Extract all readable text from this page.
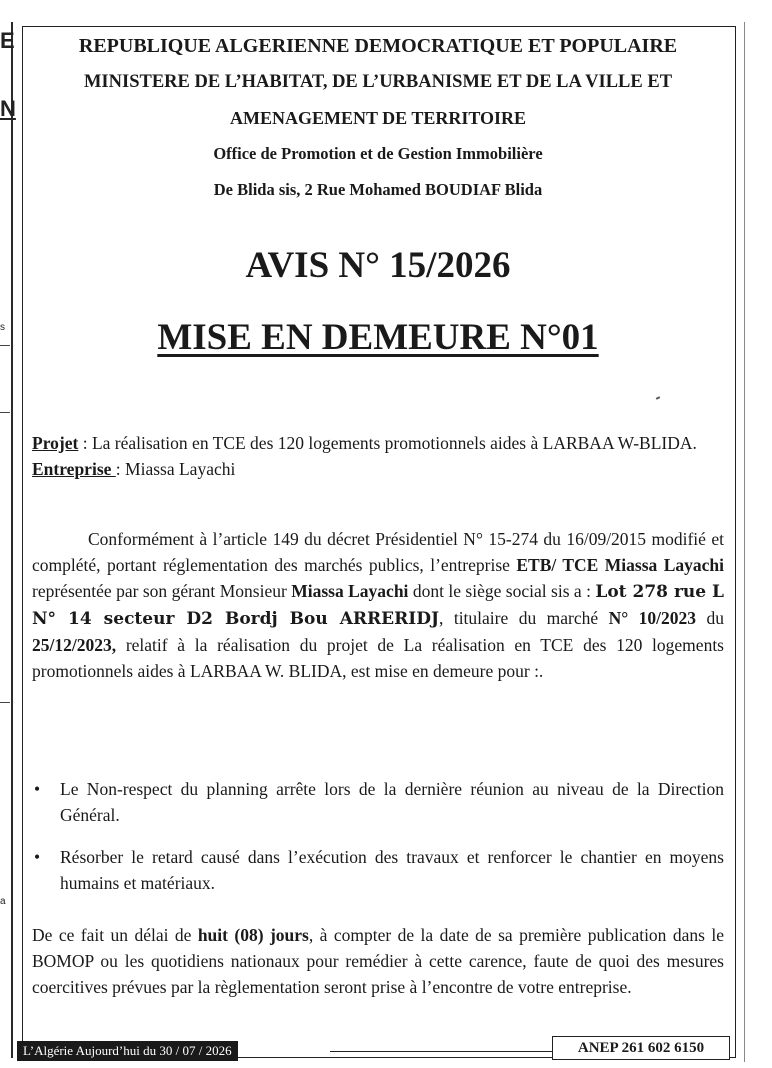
E
N
s
a
REPUBLIQUE ALGERIENNE DEMOCRATIQUE ET POPULAIRE
MINISTERE DE L’HABITAT, DE L’URBANISME ET DE LA VILLE ET
AMENAGEMENT DE TERRITOIRE
Office de Promotion et de Gestion Immobilière
De Blida sis, 2 Rue Mohamed BOUDIAF Blida
AVIS N° 15/2026
MISE EN DEMEURE N°01
Projet : La réalisation en TCE des 120 logements promotionnels aides à LARBAA W-BLIDA.
Entreprise : Miassa Layachi
Conformément à l’article 149 du décret Présidentiel N° 15-274 du 16/09/2015 modifié et complété, portant réglementation des marchés publics, l’entreprise ETB/ TCE Miassa Layachi représentée par son gérant Monsieur Miassa Layachi dont le siège social sis a : Lot 278 rue L N° 14 secteur D2 Bordj Bou ARRERIDJ, titulaire du marché N° 10/2023 du 25/12/2023, relatif à la réalisation du projet de La réalisation en TCE des 120 logements promotionnels aides à LARBAA W. BLIDA, est mise en demeure pour :.
• Le Non-respect du planning arrête lors de la dernière réunion au niveau de la Direction Général.
• Résorber le retard causé dans l’exécution des travaux et renforcer le chantier en moyens humains et matériaux.
De ce fait un délai de huit (08) jours, à compter de la date de sa première publication dans le BOMOP ou les quotidiens nationaux pour remédier à cette carence, faute de quoi des mesures coercitives prévues par la règlementation seront prise à l’encontre de votre entreprise.
L’Algérie Aujourd’hui du 30 / 07 / 2026	ANEP 261 602 6150
